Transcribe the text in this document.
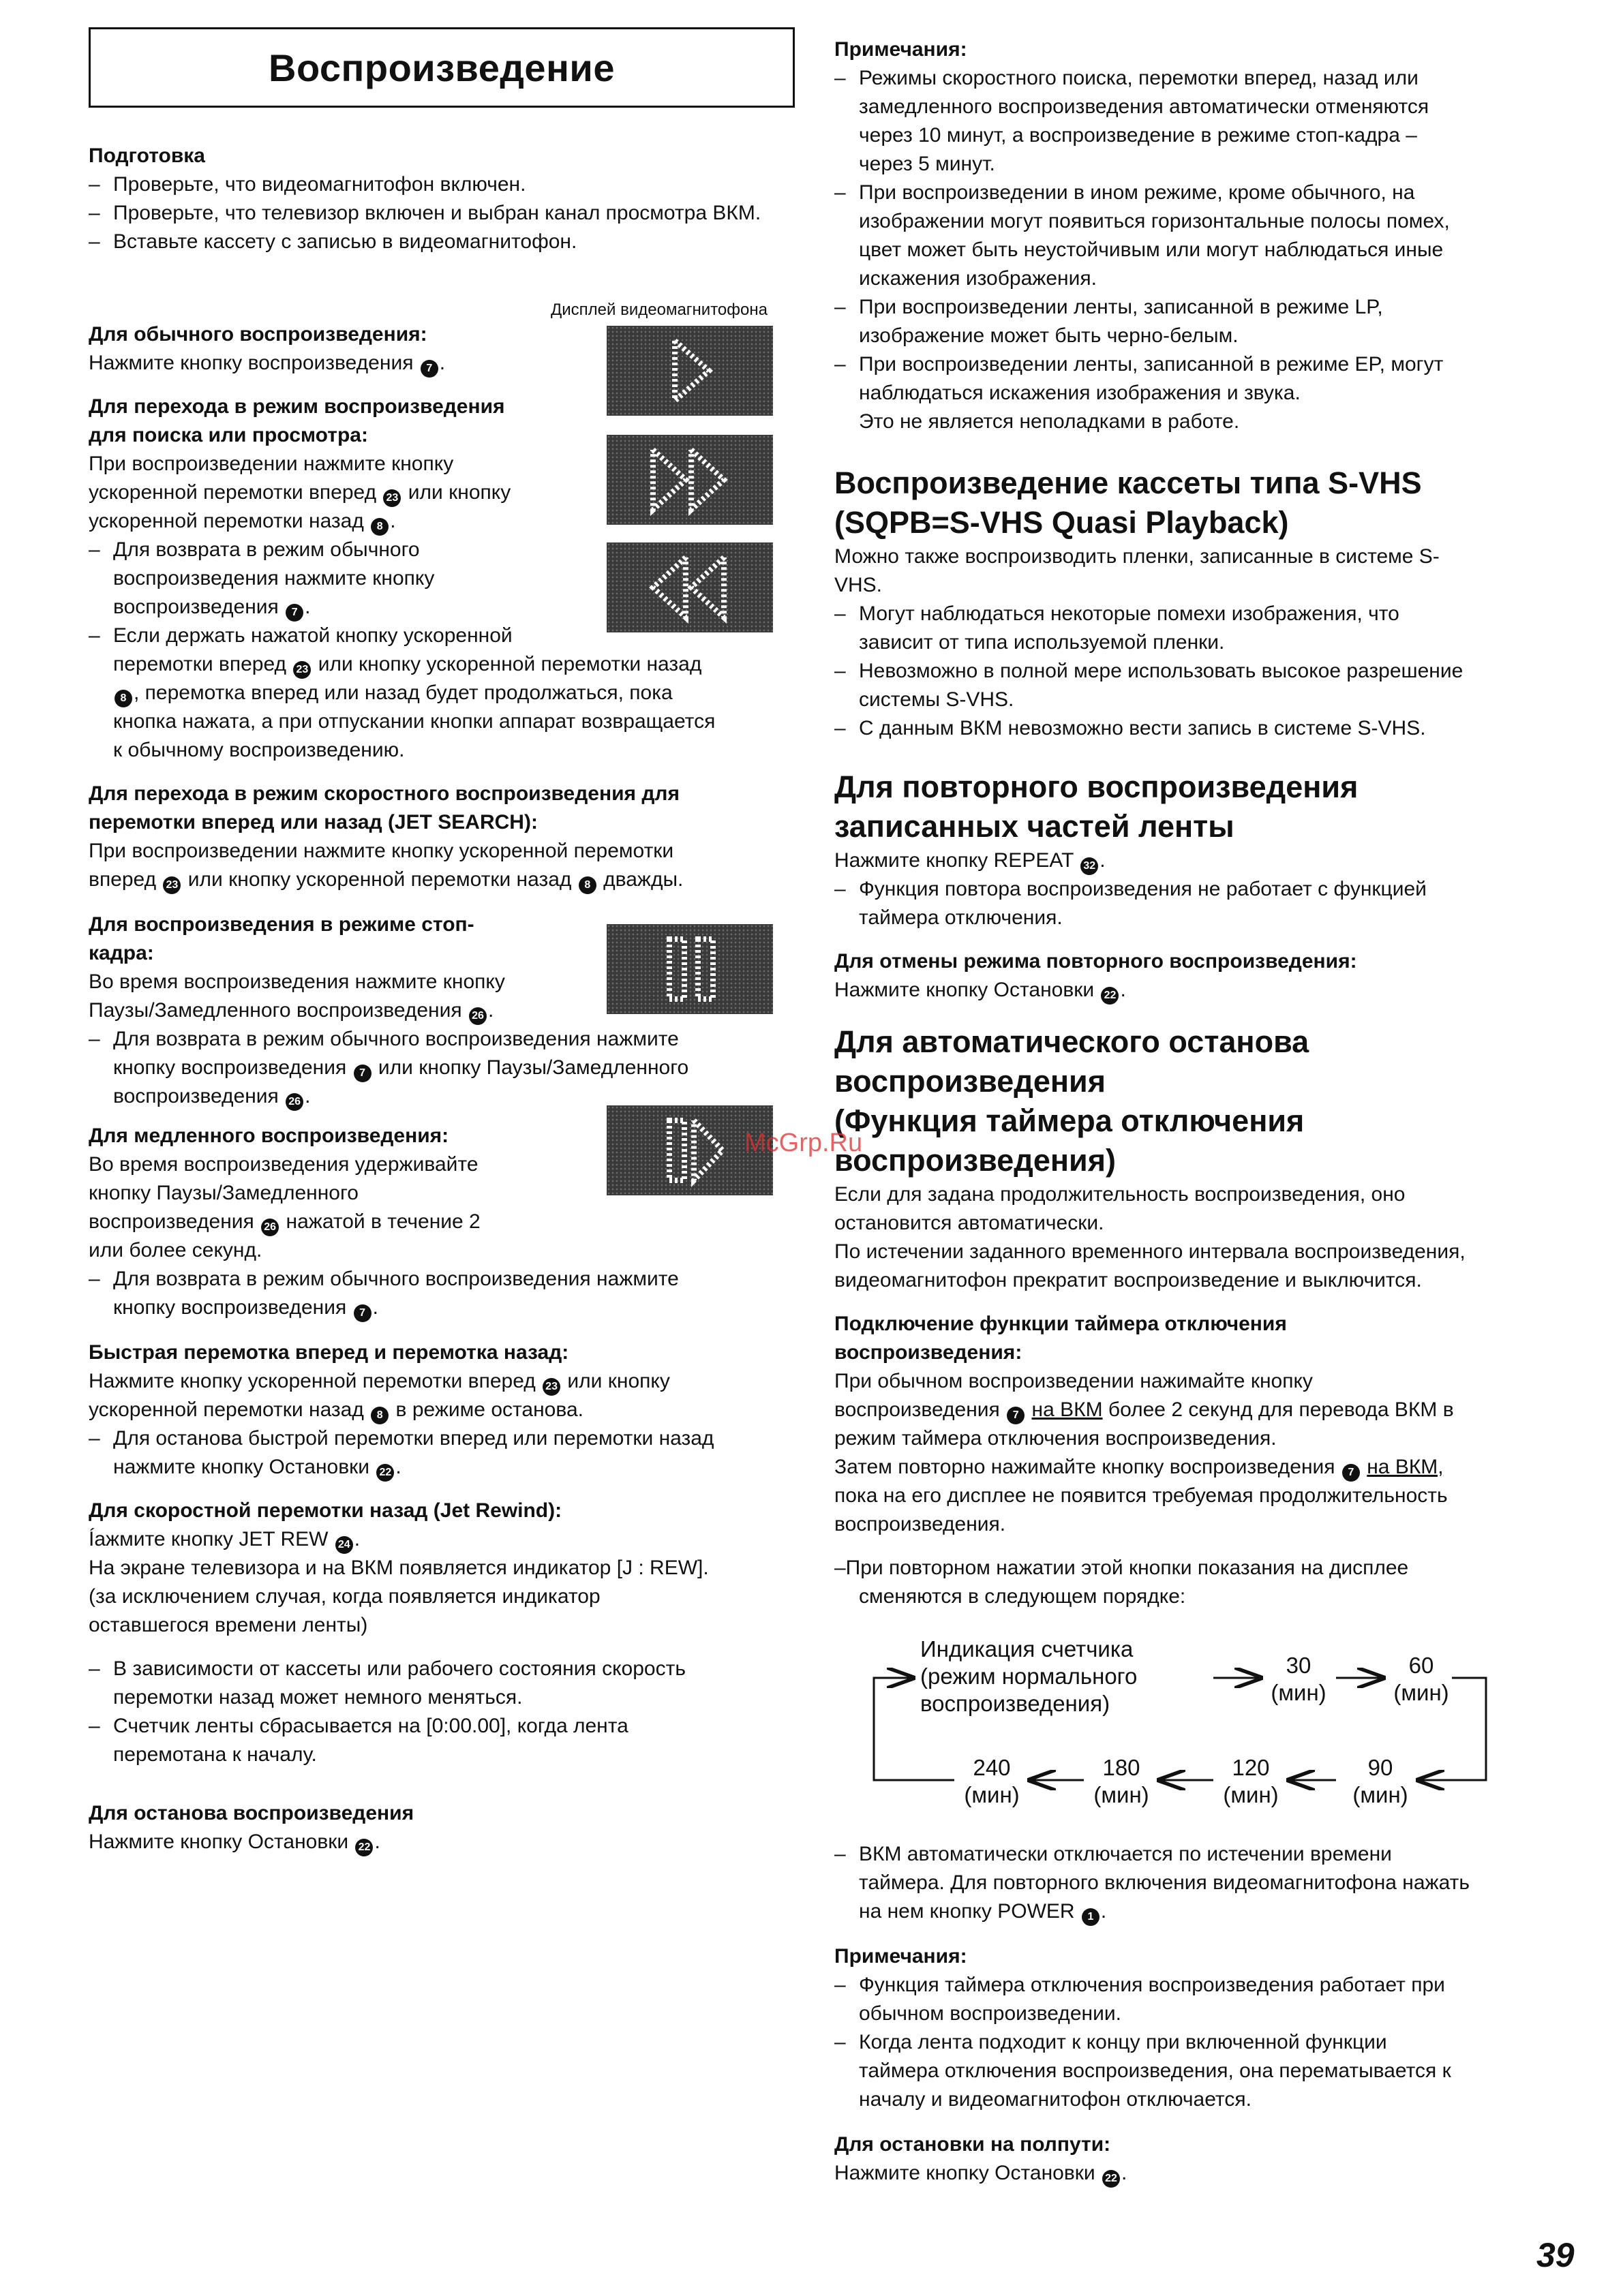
Воспроизведение

Подготовка

– Проверьте, что видеомагнитофон включен.

– Проверьте, что телевизор включен и выбран канал просмотра ВКМ.

– Вставьте кассету с записью в видеомагнитофон.

Дисплей видеомагнитофона

Для обычного воспроизведения:

Нажмите кнопку воспроизведения 7 .

Для перехода в режим воспроизведения

для поиска или просмотра:

При воспроизведении нажмите кнопку

ускоренной перемотки вперед 23 или кнопку

ускоренной перемотки назад 8 .

– Для возврата в режим обычного

воспроизведения нажмите кнопку

воспроизведения 7 .

– Если держать нажатой кнопку ускоренной

перемотки вперед 23 или кнопку ускоренной перемотки назад

8 , перемотка вперед или назад будет продолжаться, пока

кнопка нажата, а при отпускании кнопки аппарат возвращается

к обычному воспроизведению.

Для перехода в режим скоростного воспроизведения для

перемотки вперед или назад (JET SEARCH):

При воспроизведении нажмите кнопку ускоренной перемотки

вперед 23 или кнопку ускоренной перемотки назад 8 дважды.

Для воспроизведения в режиме стоп-

кадра:

Во время воспроизведения нажмите кнопку

Паузы/Замедленного воспроизведения 26 .

– Для возврата в режим обычного воспроизведения нажмите

кнопку воспроизведения 7 или кнопку Паузы/Замедленного

воспроизведения 26 .

Для медленного воспроизведения:

Во время воспроизведения удерживайте

кнопку Паузы/Замедленного

воспроизведения 26 нажатой в течение 2

или более секунд.

– Для возврата в режим обычного воспроизведения нажмите

кнопку воспроизведения 7 .

Быстрая перемотка вперед и перемотка назад:

Нажмите кнопку ускоренной перемотки вперед 23 или кнопку

ускоренной перемотки назад 8 в режиме останова.

– Для останова быстрой перемотки вперед или перемотки назад

нажмите кнопку Остановки 22 .

Для скоростной перемотки назад (Jet Rewind):

Íажмите кнопку JET REW 24 .

На экране телевизора и на ВКМ появляется индикатор [J : REW].

(за исключением случая, когда появляется индикатор

оставшегося времени ленты)

– В зависимости от кассеты или рабочего состояния скорость

перемотки назад может немного меняться.

– Счетчик ленты сбрасывается на [0:00.00], когда лента

перемотана к началу.

Для останова воспроизведения

Нажмите кнопку Остановки 22 .

Примечания:

– Режимы скоростного поиска, перемотки вперед, назад или

замедленного воспроизведения автоматически отменяются

через 10 минут, а воспроизведение в режиме стоп-кадра –

через 5 минут.

– При воспроизведении в ином режиме, кроме обычного, на

изображении могут появиться горизонтальные полосы помех,

цвет может быть неустойчивым или могут наблюдаться иные

искажения изображения.

– При воспроизведении ленты, записанной в режиме LP,

изображение может быть черно-белым.

– При воспроизведении ленты, записанной в режиме EP, могут

наблюдаться искажения изображения и звука.

Это не является неполадками в работе.

Воспроизведение кассеты типа S-VHS

(SQPB=S-VHS Quasi Playback)

Можно также воспроизводить пленки, записанные в системе S-

VHS.

– Могут наблюдаться некоторые помехи изображения, что

зависит от типа используемой пленки.

– Невозможно в полной мере использовать высокое разрешение

системы S-VHS.

– С данным ВКМ невозможно вести запись в системе S-VHS.

Для повторного воспроизведения

записанных частей ленты

Нажмите кнопку REPEAT 32 .

– Функция повтора воспроизведения не работает с функцией

таймера отключения.

Для отмены режима повторного воспроизведения:

Нажмите кнопку Остановки 22 .

Для автоматического останова

воспроизведения

(Функция таймера отключения

воспроизведения)

Если для задана продолжительность воспроизведения, оно

остановится автоматически.

По истечении заданного временного интервала воспроизведения,

видеомагнитофон прекратит воспроизведение и выключится.

Подключение функции таймера отключения

воспроизведения:

При обычном воспроизведении нажимайте кнопку

воспроизведения 7 на ВКМ более 2 секунд для перевода ВКМ в

режим таймера отключения воспроизведения.

Затем повторно нажимайте кнопку воспроизведения 7 на ВКМ,

пока на его дисплее не появится требуемая продолжительность

воспроизведения.

–При повторном нажатии этой кнопки показания на дисплее

сменяются в следующем порядке:

– ВКМ автоматически отключается по истечении времени

таймера. Для повторного включения видеомагнитофона нажать

на нем кнопку POWER 1 .

Примечания:

– Функция таймера отключения воспроизведения работает при

обычном воспроизведении.

– Когда лента подходит к концу при включенной функции

таймера отключения воспроизведения, она перематывается к

началу и видеомагнитофон отключается.

Для остановки на полпути:

Нажмите кнопĸу Остановки 22 .

Индикация счетчика
(режим нормального
воспроизведения)
30
(мин)
60
(мин)
90
(мин)
120
(мин)
180
(мин)
240
(мин)
McGrp.Ru
39
